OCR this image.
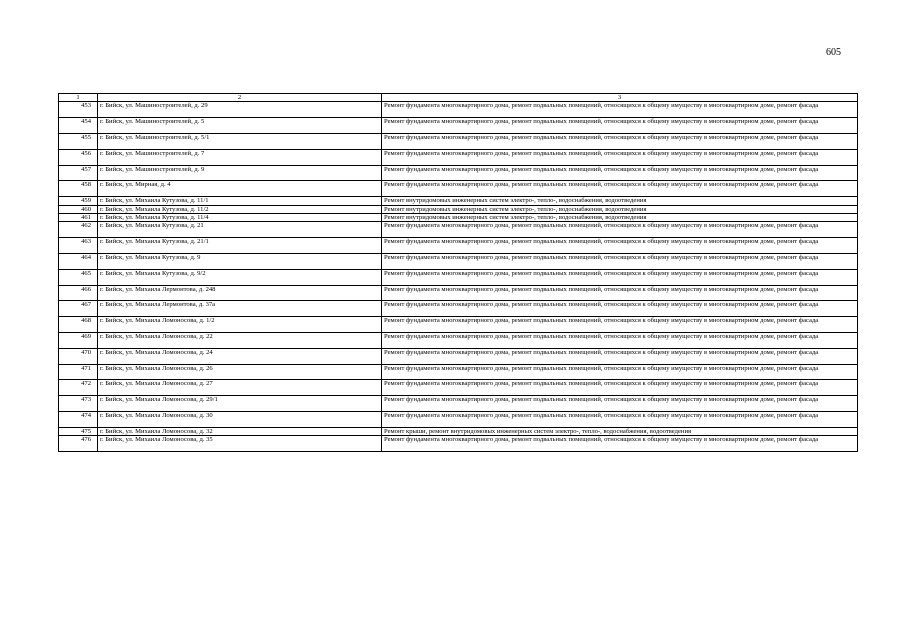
605
1	2	3
453	г. Бийск, ул. Машиностроителей, д. 29	Ремонт фундамента многоквартирного дома, ремонт подвальных помещений, относящихся к общему имуществу в многоквартирном доме, ремонт фасада
454	г. Бийск, ул. Машиностроителей, д. 5	Ремонт фундамента многоквартирного дома, ремонт подвальных помещений, относящихся к общему имуществу в многоквартирном доме, ремонт фасада
455	г. Бийск, ул. Машиностроителей, д. 5/1	Ремонт фундамента многоквартирного дома, ремонт подвальных помещений, относящихся к общему имуществу в многоквартирном доме, ремонт фасада
456	г. Бийск, ул. Машиностроителей, д. 7	Ремонт фундамента многоквартирного дома, ремонт подвальных помещений, относящихся к общему имуществу в многоквартирном доме, ремонт фасада
457	г. Бийск, ул. Машиностроителей, д. 9	Ремонт фундамента многоквартирного дома, ремонт подвальных помещений, относящихся к общему имуществу в многоквартирном доме, ремонт фасада
458	г. Бийск, ул. Мирная, д. 4	Ремонт фундамента многоквартирного дома, ремонт подвальных помещений, относящихся к общему имуществу в многоквартирном доме, ремонт фасада
459	г. Бийск, ул. Михаила Кутузова, д. 11/1	Ремонт внутридомовых инженерных систем электро-, тепло-, водоснабжения, водоотведения
460	г. Бийск, ул. Михаила Кутузова, д. 11/2	Ремонт внутридомовых инженерных систем электро-, тепло-, водоснабжения, водоотведения
461	г. Бийск, ул. Михаила Кутузова, д. 11/4	Ремонт внутридомовых инженерных систем электро-, тепло-, водоснабжения, водоотведения
462	г. Бийск, ул. Михаила Кутузова, д. 21	Ремонт фундамента многоквартирного дома, ремонт подвальных помещений, относящихся к общему имуществу в многоквартирном доме, ремонт фасада
463	г. Бийск, ул. Михаила Кутузова, д. 21/1	Ремонт фундамента многоквартирного дома, ремонт подвальных помещений, относящихся к общему имуществу в многоквартирном доме, ремонт фасада
464	г. Бийск, ул. Михаила Кутузова, д. 9	Ремонт фундамента многоквартирного дома, ремонт подвальных помещений, относящихся к общему имуществу в многоквартирном доме, ремонт фасада
465	г. Бийск, ул. Михаила Кутузова, д. 9/2	Ремонт фундамента многоквартирного дома, ремонт подвальных помещений, относящихся к общему имуществу в многоквартирном доме, ремонт фасада
466	г. Бийск, ул. Михаила Лермонтова, д. 248	Ремонт фундамента многоквартирного дома, ремонт подвальных помещений, относящихся к общему имуществу в многоквартирном доме, ремонт фасада
467	г. Бийск, ул. Михаила Лермонтова, д. 37а	Ремонт фундамента многоквартирного дома, ремонт подвальных помещений, относящихся к общему имуществу в многоквартирном доме, ремонт фасада
468	г. Бийск, ул. Михаила Ломоносова, д. 1/2	Ремонт фундамента многоквартирного дома, ремонт подвальных помещений, относящихся к общему имуществу в многоквартирном доме, ремонт фасада
469	г. Бийск, ул. Михаила Ломоносова, д. 22	Ремонт фундамента многоквартирного дома, ремонт подвальных помещений, относящихся к общему имуществу в многоквартирном доме, ремонт фасада
470	г. Бийск, ул. Михаила Ломоносова, д. 24	Ремонт фундамента многоквартирного дома, ремонт подвальных помещений, относящихся к общему имуществу в многоквартирном доме, ремонт фасада
471	г. Бийск, ул. Михаила Ломоносова, д. 26	Ремонт фундамента многоквартирного дома, ремонт подвальных помещений, относящихся к общему имуществу в многоквартирном доме, ремонт фасада
472	г. Бийск, ул. Михаила Ломоносова, д. 27	Ремонт фундамента многоквартирного дома, ремонт подвальных помещений, относящихся к общему имуществу в многоквартирном доме, ремонт фасада
473	г. Бийск, ул. Михаила Ломоносова, д. 29/1	Ремонт фундамента многоквартирного дома, ремонт подвальных помещений, относящихся к общему имуществу в многоквартирном доме, ремонт фасада
474	г. Бийск, ул. Михаила Ломоносова, д. 30	Ремонт фундамента многоквартирного дома, ремонт подвальных помещений, относящихся к общему имуществу в многоквартирном доме, ремонт фасада
475	г. Бийск, ул. Михаила Ломоносова, д. 32	Ремонт крыши, ремонт внутридомовых инженерных систем электро-, тепло-, водоснабжения, водоотведения
476	г. Бийск, ул. Михаила Ломоносова, д. 35	Ремонт фундамента многоквартирного дома, ремонт подвальных помещений, относящихся к общему имуществу в многоквартирном доме, ремонт фасада
